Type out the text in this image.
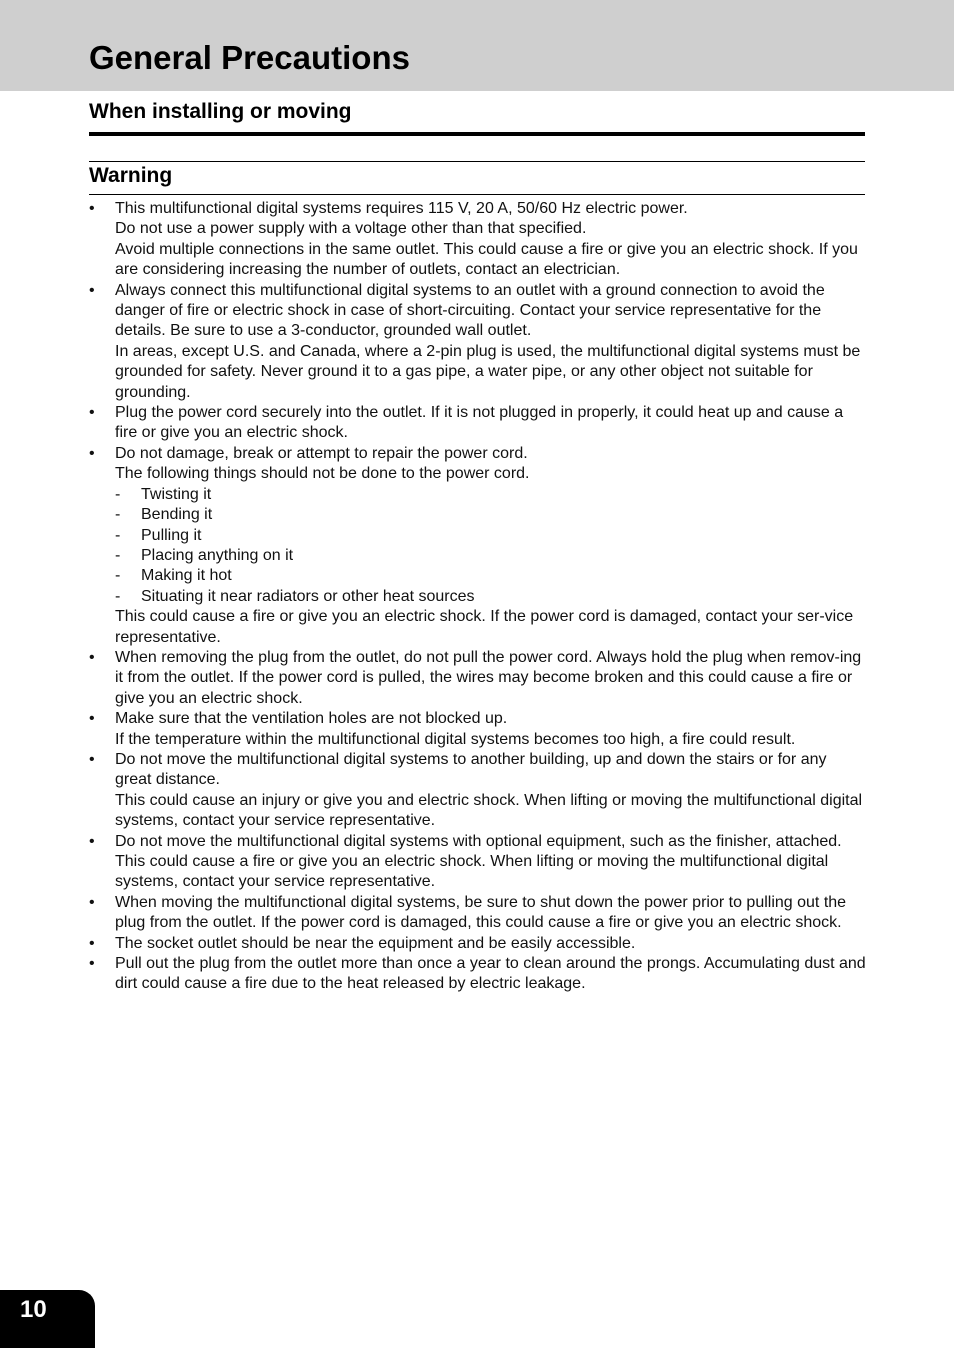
General Precautions
When installing or moving
Warning
• This multifunctional digital systems requires 115 V, 20 A, 50/60 Hz electric power.
Do not use a power supply with a voltage other than that specified.
Avoid multiple connections in the same outlet. This could cause a fire or give you an electric shock. If you are considering increasing the number of outlets, contact an electrician.
• Always connect this multifunctional digital systems to an outlet with a ground connection to avoid the danger of fire or electric shock in case of short-circuiting. Contact your service representative for the details. Be sure to use a 3-conductor, grounded wall outlet.
In areas, except U.S. and Canada, where a 2-pin plug is used, the multifunctional digital systems must be grounded for safety. Never ground it to a gas pipe, a water pipe, or any other object not suitable for grounding.
• Plug the power cord securely into the outlet. If it is not plugged in properly, it could heat up and cause a fire or give you an electric shock.
• Do not damage, break or attempt to repair the power cord.
The following things should not be done to the power cord.
- Twisting it
- Bending it
- Pulling it
- Placing anything on it
- Making it hot
- Situating it near radiators or other heat sources
This could cause a fire or give you an electric shock. If the power cord is damaged, contact your ser-vice representative.
• When removing the plug from the outlet, do not pull the power cord. Always hold the plug when remov-ing it from the outlet. If the power cord is pulled, the wires may become broken and this could cause a fire or give you an electric shock.
• Make sure that the ventilation holes are not blocked up.
If the temperature within the multifunctional digital systems becomes too high, a fire could result.
• Do not move the multifunctional digital systems to another building, up and down the stairs or for any great distance.
This could cause an injury or give you and electric shock. When lifting or moving the multifunctional digital systems, contact your service representative.
• Do not move the multifunctional digital systems with optional equipment, such as the finisher, attached. This could cause a fire or give you an electric shock. When lifting or moving the multifunctional digital systems, contact your service representative.
• When moving the multifunctional digital systems, be sure to shut down the power prior to pulling out the plug from the outlet. If the power cord is damaged, this could cause a fire or give you an electric shock.
• The socket outlet should be near the equipment and be easily accessible.
• Pull out the plug from the outlet more than once a year to clean around the prongs. Accumulating dust and dirt could cause a fire due to the heat released by electric leakage.
10
